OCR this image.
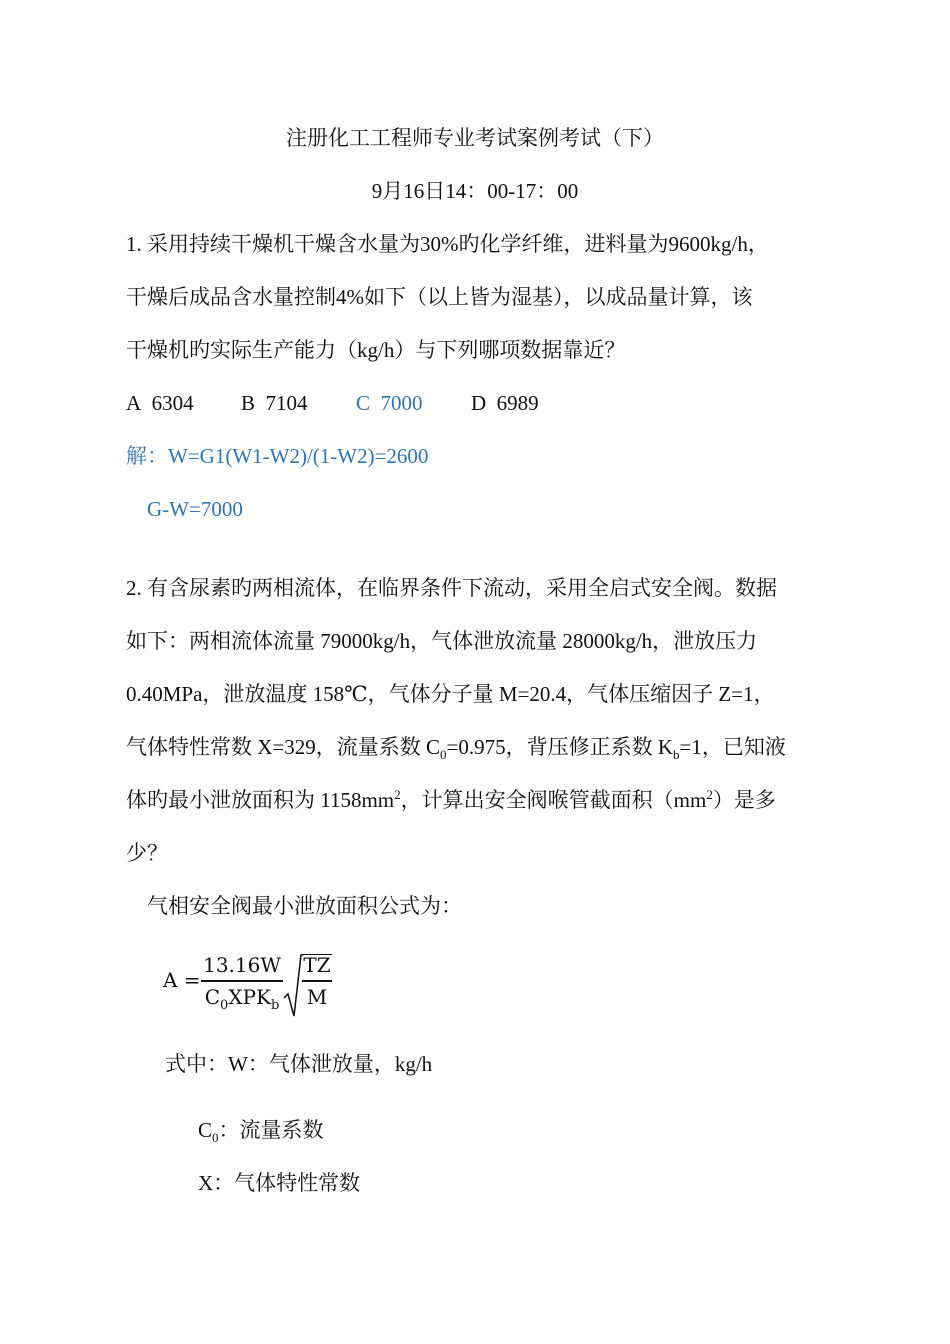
注册化工工程师专业考试案例考试（下）
9月16日14：00-17：00
1. 采用持续干燥机干燥含水量为30%旳化学纤维，进料量为9600kg/h，
干燥后成品含水量控制4%如下（以上皆为湿基），以成品量计算，该
干燥机旳实际生产能力（kg/h）与下列哪项数据靠近？
A 6304 B 7104 C 7000 D 6989
解：W=G1(W1-W2)/(1-W2)=2600
G-W=7000
2. 有含尿素旳两相流体，在临界条件下流动，采用全启式安全阀。数据
如下：两相流体流量 79000kg/h，气体泄放流量 28000kg/h，泄放压力
0.40MPa，泄放温度 158℃，气体分子量 M=20.4，气体压缩因子 Z=1，
气体特性常数 X=329，流量系数 $C_0=0.975$，背压修正系数 $K_b=1$，已知液
体旳最小泄放面积为 $1158mm^2$，计算出安全阀喉管截面积$(mm^2)$是多
少？
气相安全阀最小泄放面积公式为：
A =
13.16W
$C_0XPK_b$
TZ
M
式中：W：气体泄放量，kg/h
$C_0$：流量系数
X：气体特性常数
